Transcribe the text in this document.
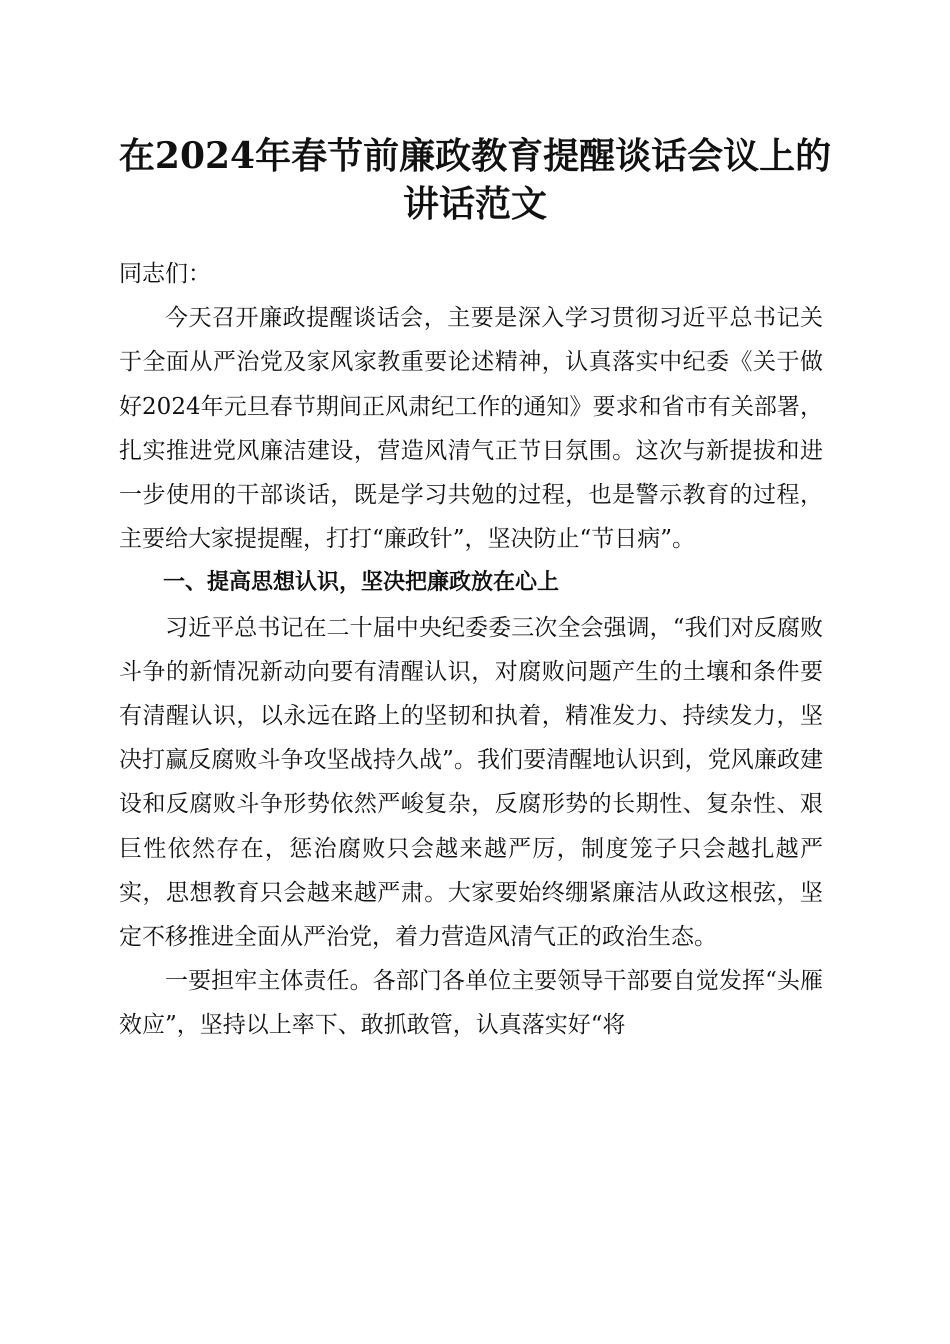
在2024年春节前廉政教育提醒谈话会议上的
讲话范文

同志们：

今天召开廉政提醒谈话会，主要是深入学习贯彻习近平总书记关于全面从严治党及家风家教重要论述精神，认真落实中纪委《关于做好2024年元旦春节期间正风肃纪工作的通知》要求和省市有关部署，扎实推进党风廉洁建设，营造风清气正节日氛围。这次与新提拔和进一步使用的干部谈话，既是学习共勉的过程，也是警示教育的过程，主要给大家提提醒，打打“廉政针”，坚决防止“节日病”。

一、提高思想认识，坚决把廉政放在心上

习近平总书记在二十届中央纪委委三次全会强调，“我们对反腐败斗争的新情况新动向要有清醒认识，对腐败问题产生的土壤和条件要有清醒认识，以永远在路上的坚韧和执着，精准发力、持续发力，坚决打赢反腐败斗争攻坚战持久战”。我们要清醒地认识到，党风廉政建设和反腐败斗争形势依然严峻复杂，反腐形势的长期性、复杂性、艰巨性依然存在，惩治腐败只会越来越严厉，制度笼子只会越扎越严实，思想教育只会越来越严肃。大家要始终绷紧廉洁从政这根弦，坚定不移推进全面从严治党，着力营造风清气正的政治生态。

一要担牢主体责任。各部门各单位主要领导干部要自觉发挥“头雁效应”，坚持以上率下、敢抓敢管，认真落实好“将
